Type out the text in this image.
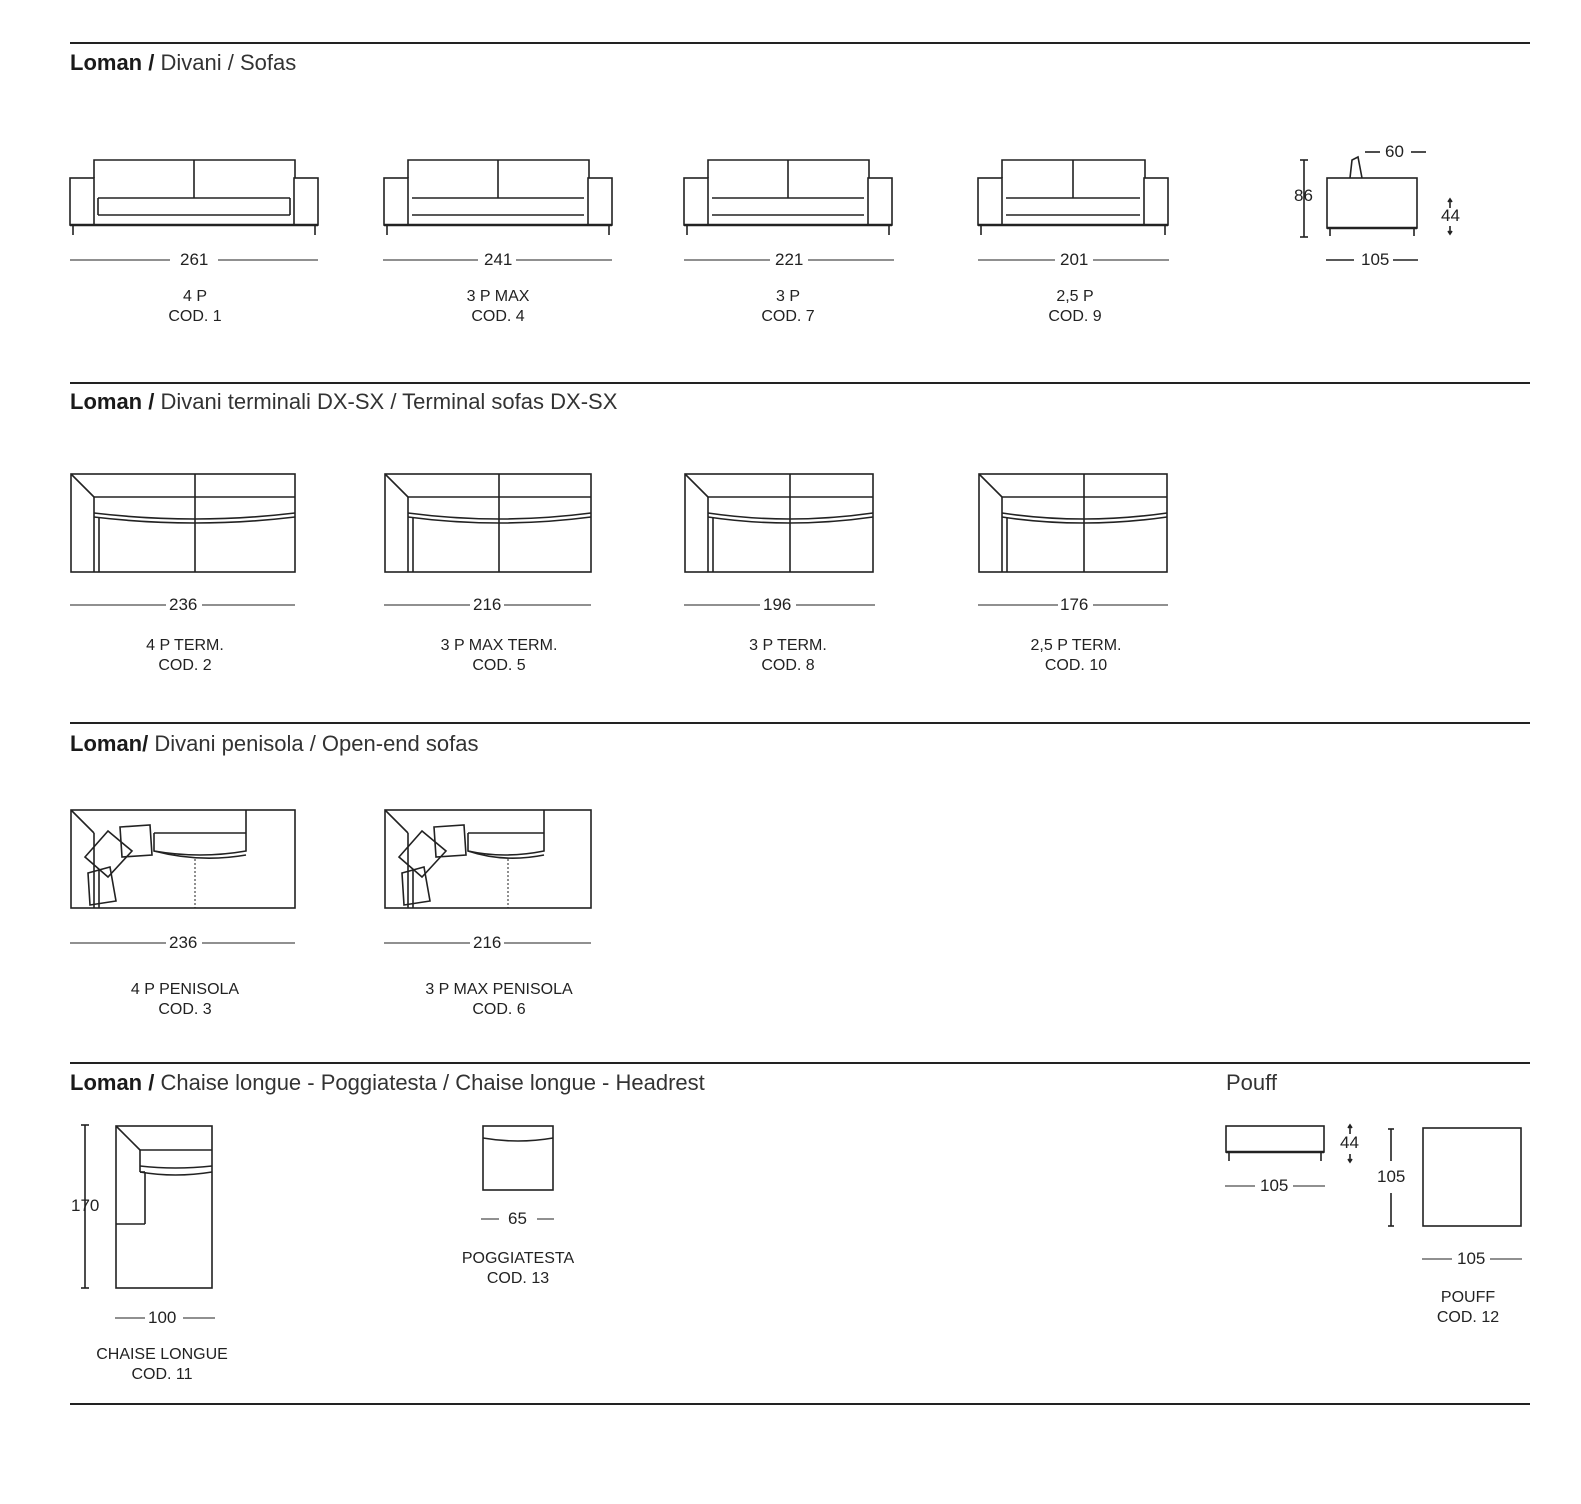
Loman / Divani / Sofas
Loman / Divani terminali DX-SX / Terminal sofas DX-SX
Loman/ Divani penisola / Open-end sofas
Loman / Chaise longue - Poggiatesta / Chaise longue - Headrest	Pouff
261	241	221	201
4 P
COD. 1
3 P MAX
COD. 4
3 P
COD. 7
2,5 P
COD. 9
86
60
44
105
236	216	196	176
4 P TERM.
COD. 2
3 P MAX TERM.
COD. 5
3 P TERM.
COD. 8
2,5 P TERM.
COD. 10
236	216
4 P PENISOLA
COD. 3
3 P MAX PENISOLA
COD. 6
170
100
CHAISE LONGUE
COD. 11
65
POGGIATESTA
COD. 13
44
105	105
105
POUFF
COD. 12
